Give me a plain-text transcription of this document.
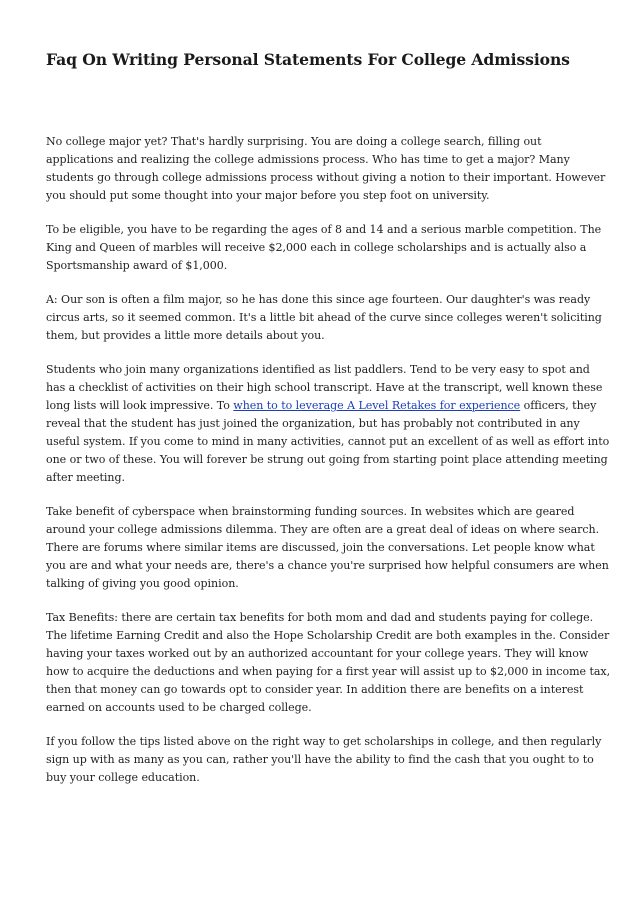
Faq On Writing Personal Statements For College Admissions

No college major yet? That's hardly surprising. You are doing a college search, filling out
applications and realizing the college admissions process. Who has time to get a major? Many
students go through college admissions process without giving a notion to their important. However
you should put some thought into your major before you step foot on university.

To be eligible, you have to be regarding the ages of 8 and 14 and a serious marble competition. The
King and Queen of marbles will receive $2,000 each in college scholarships and is actually also a
Sportsmanship award of $1,000.

A: Our son is often a film major, so he has done this since age fourteen. Our daughter's was ready
circus arts, so it seemed common. It's a little bit ahead of the curve since colleges weren't soliciting
them, but provides a little more details about you.

Students who join many organizations identified as list paddlers. Tend to be very easy to spot and
has a checklist of activities on their high school transcript. Have at the transcript, well known these
long lists will look impressive. To when to to leverage A Level Retakes for experience officers, they
reveal that the student has just joined the organization, but has probably not contributed in any
useful system. If you come to mind in many activities, cannot put an excellent of as well as effort into
one or two of these. You will forever be strung out going from starting point place attending meeting
after meeting.

Take benefit of cyberspace when brainstorming funding sources. In websites which are geared
around your college admissions dilemma. They are often are a great deal of ideas on where search.
There are forums where similar items are discussed, join the conversations. Let people know what
you are and what your needs are, there's a chance you're surprised how helpful consumers are when
talking of giving you good opinion.

Tax Benefits: there are certain tax benefits for both mom and dad and students paying for college.
The lifetime Earning Credit and also the Hope Scholarship Credit are both examples in the. Consider
having your taxes worked out by an authorized accountant for your college years. They will know
how to acquire the deductions and when paying for a first year will assist up to $2,000 in income tax,
then that money can go towards opt to consider year. In addition there are benefits on a interest
earned on accounts used to be charged college.

If you follow the tips listed above on the right way to get scholarships in college, and then regularly
sign up with as many as you can, rather you'll have the ability to find the cash that you ought to to
buy your college education.
